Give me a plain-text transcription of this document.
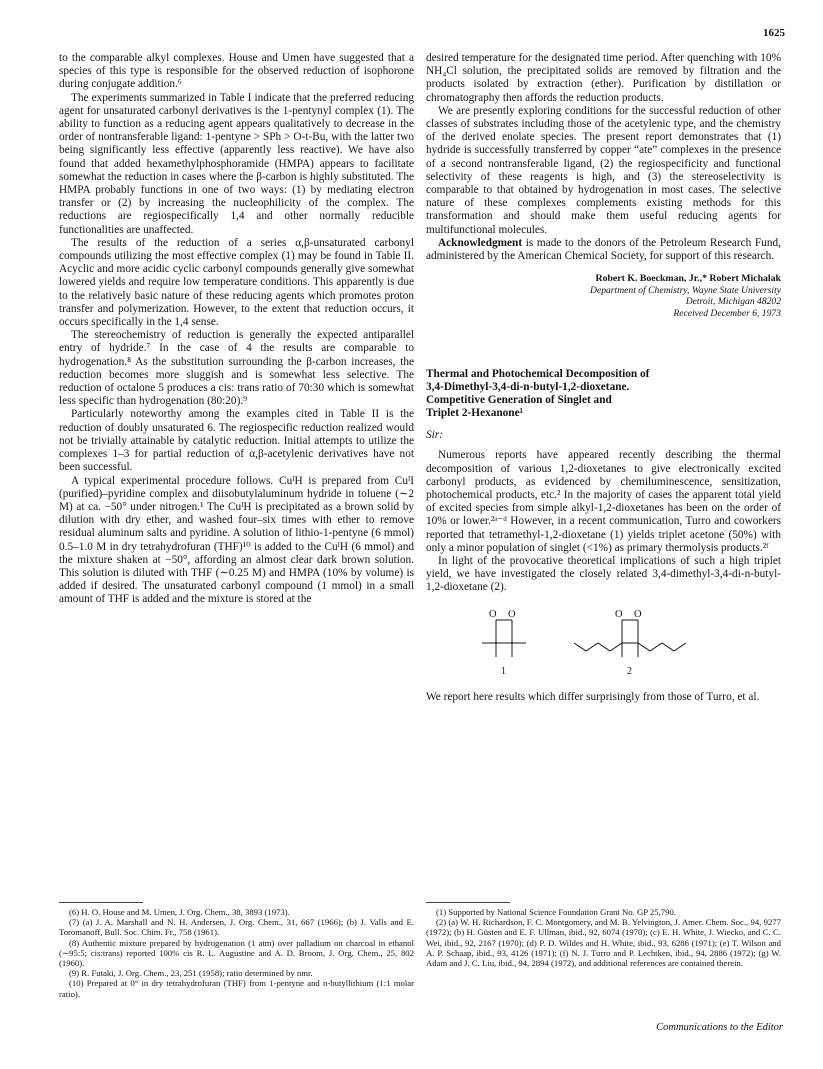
1625

to the comparable alkyl complexes. House and Umen have suggested that a species of this type is responsible for the observed reduction of isophorone during conjugate addition.⁶

The experiments summarized in Table I indicate that the preferred reducing agent for unsaturated carbonyl derivatives is the 1-pentynyl complex (1). The ability to function as a reducing agent appears qualitatively to decrease in the order of nontransferable ligand: 1-pentyne > SPh > O-t-Bu, with the latter two being significantly less effective (apparently less reactive). We have also found that added hexamethylphosphoramide (HMPA) appears to facilitate somewhat the reduction in cases where the β-carbon is highly substituted. The HMPA probably functions in one of two ways: (1) by mediating electron transfer or (2) by increasing the nucleophilicity of the complex. The reductions are regiospecifically 1,4 and other normally reducible functionalities are unaffected.

The results of the reduction of a series α,β-unsaturated carbonyl compounds utilizing the most effective complex (1) may be found in Table II. Acyclic and more acidic cyclic carbonyl compounds generally give somewhat lowered yields and require low temperature conditions. This apparently is due to the relatively basic nature of these reducing agents which promotes proton transfer and polymerization. However, to the extent that reduction occurs, it occurs specifically in the 1,4 sense.

The stereochemistry of reduction is generally the expected antiparallel entry of hydride.⁷ In the case of 4 the results are comparable to hydrogenation.⁸ As the substitution surrounding the β-carbon increases, the reduction becomes more sluggish and is somewhat less selective. The reduction of octalone 5 produces a cis: trans ratio of 70:30 which is somewhat less specific than hydrogenation (80:20).⁹

Particularly noteworthy among the examples cited in Table II is the reduction of doubly unsaturated 6. The regiospecific reduction realized would not be trivially attainable by catalytic reduction. Initial attempts to utilize the complexes 1–3 for partial reduction of α,β-acetylenic derivatives have not been successful.

A typical experimental procedure follows. CuᴵH is prepared from CuᴵI (purified)–pyridine complex and diisobutylaluminum hydride in toluene (∼2 M) at ca. −50° under nitrogen.¹ The CuᴵH is precipitated as a brown solid by dilution with dry ether, and washed four–six times with ether to remove residual aluminum salts and pyridine. A solution of lithio-1-pentyne (6 mmol) 0.5–1.0 M in dry tetrahydrofuran (THF)¹⁰ is added to the CuᴵH (6 mmol) and the mixture shaken at −50°, affording an almost clear dark brown solution. This solution is diluted with THF (∼0.25 M) and HMPA (10% by volume) is added if desired. The unsaturated carbonyl compound (1 mmol) in a small amount of THF is added and the mixture is stored at the

(6) H. O. House and M. Umen, J. Org. Chem., 38, 3893 (1973).

(7) (a) J. A. Marshall and N. H. Andersen, J. Org. Chem., 31, 667 (1966); (b) J. Valls and E. Toromanoff, Bull. Soc. Chim. Fr., 758 (1961).

(8) Authentic mixture prepared by hydrogenation (1 atm) over palladium on charcoal in ethanol (∼95:5; cis:trans) reported 100% cis R. L. Augustine and A. D. Broom, J. Org. Chem., 25, 802 (1960).

(9) R. Futaki, J. Org. Chem., 23, 251 (1958); ratio determined by nmr.

(10) Prepared at 0° in dry tetrahydrofuran (THF) from 1-pentyne and n-butyllithium (1:1 molar ratio).

desired temperature for the designated time period. After quenching with 10% NH₄Cl solution, the precipitated solids are removed by filtration and the products isolated by extraction (ether). Purification by distillation or chromatography then affords the reduction products.

We are presently exploring conditions for the successful reduction of other classes of substrates including those of the acetylenic type, and the chemistry of the derived enolate species. The present report demonstrates that (1) hydride is successfully transferred by copper “ate” complexes in the presence of a second nontransferable ligand, (2) the regiospecificity and functional selectivity of these reagents is high, and (3) the stereoselectivity is comparable to that obtained by hydrogenation in most cases. The selective nature of these complexes complements existing methods for this transformation and should make them useful reducing agents for multifunctional molecules.

Acknowledgment is made to the donors of the Petroleum Research Fund, administered by the American Chemical Society, for support of this research.

Robert K. Boeckman, Jr.,* Robert Michalak
Department of Chemistry, Wayne State University
Detroit, Michigan 48202
Received December 6, 1973
Thermal and Photochemical Decomposition of
3,4-Dimethyl-3,4-di-n-butyl-1,2-dioxetane.
Competitive Generation of Singlet and
Triplet 2-Hexanone¹
Sir:

Numerous reports have appeared recently describing the thermal decomposition of various 1,2-dioxetanes to give electronically excited carbonyl products, as evidenced by chemiluminescence, sensitization, photochemical products, etc.² In the majority of cases the apparent total yield of excited species from simple alkyl-1,2-dioxetanes has been on the order of 10% or lower.²ᵃ⁻ᵈ However, in a recent communication, Turro and coworkers reported that tetramethyl-1,2-dioxetane (1) yields triplet acetone (50%) with only a minor population of singlet (<1%) as primary thermolysis products.²ᶠ

In light of the provocative theoretical implications of such a high triplet yield, we have investigated the closely related 3,4-dimethyl-3,4-di-n-butyl-1,2-dioxetane (2).

O O
1
O O
2

We report here results which differ surprisingly from those of Turro, et al.

(1) Supported by National Science Foundation Grant No. GP 25,790.

(2) (a) W. H. Richardson, F. C. Montgomery, and M. B. Yelvington, J. Amer. Chem. Soc., 94, 9277 (1972); (b) H. Güsten and E. F. Ullman, ibid., 92, 6074 (1970); (c) E. H. White, J. Wiecko, and C. C. Wei, ibid., 92, 2167 (1970); (d) P. D. Wildes and H. White, ibid., 93, 6286 (1971); (e) T. Wilson and A. P. Schaap, ibid., 93, 4126 (1971); (f) N. J. Turro and P. Lechtken, ibid., 94, 2886 (1972); (g) W. Adam and J. C. Liu, ibid., 94, 2894 (1972), and additional references are contained therein.

Communications to the Editor
